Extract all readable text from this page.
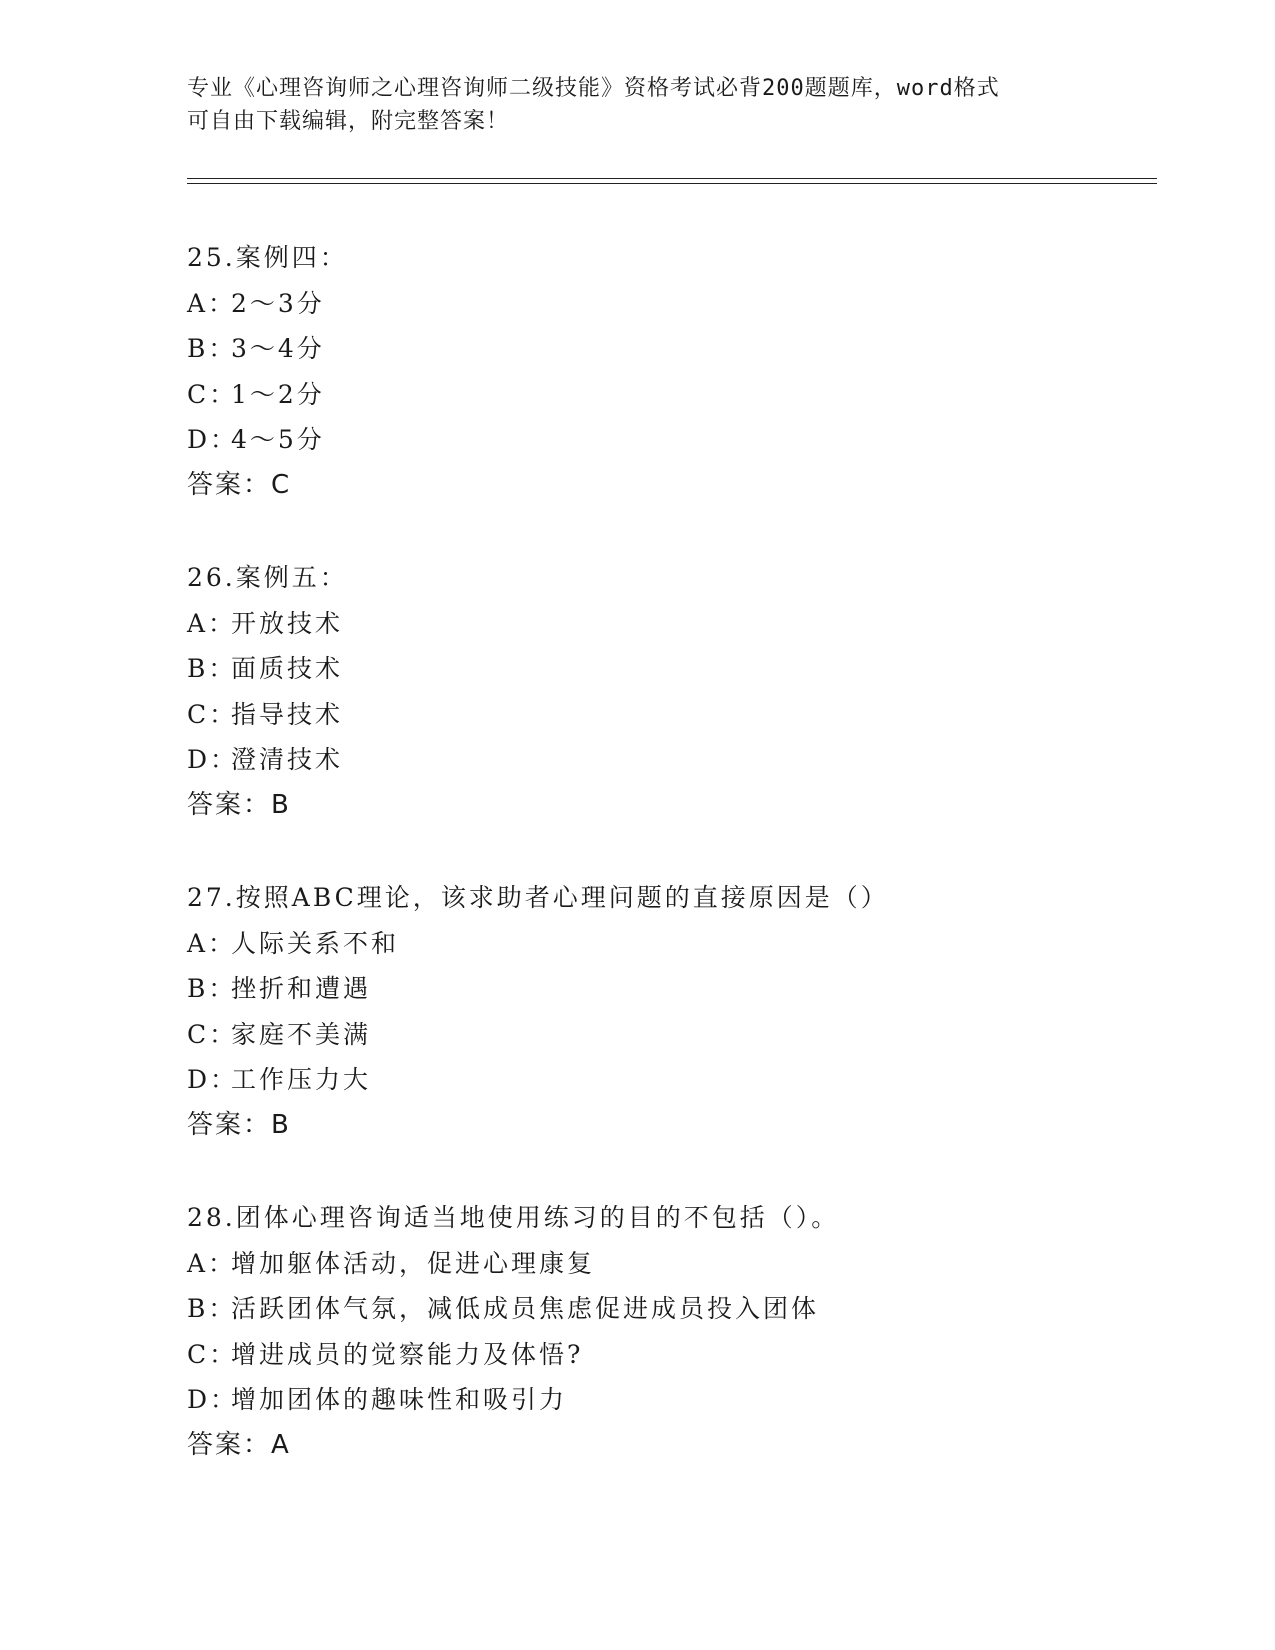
专业《心理咨询师之心理咨询师二级技能》资格考试必背200题题库，word格式
可自由下载编辑，附完整答案！
25.案例四：
A：2～3分
B：3～4分
C：1～2分
D：4～5分
答案：C
26.案例五：
A：开放技术
B：面质技术
C：指导技术
D：澄清技术
答案：B
27.按照ABC理论，该求助者心理问题的直接原因是（）
A：人际关系不和
B：挫折和遭遇
C：家庭不美满
D：工作压力大
答案：B
28.团体心理咨询适当地使用练习的目的不包括（）。
A：增加躯体活动，促进心理康复
B：活跃团体气氛，减低成员焦虑促进成员投入团体
C：增进成员的觉察能力及体悟?
D：增加团体的趣味性和吸引力
答案：A
